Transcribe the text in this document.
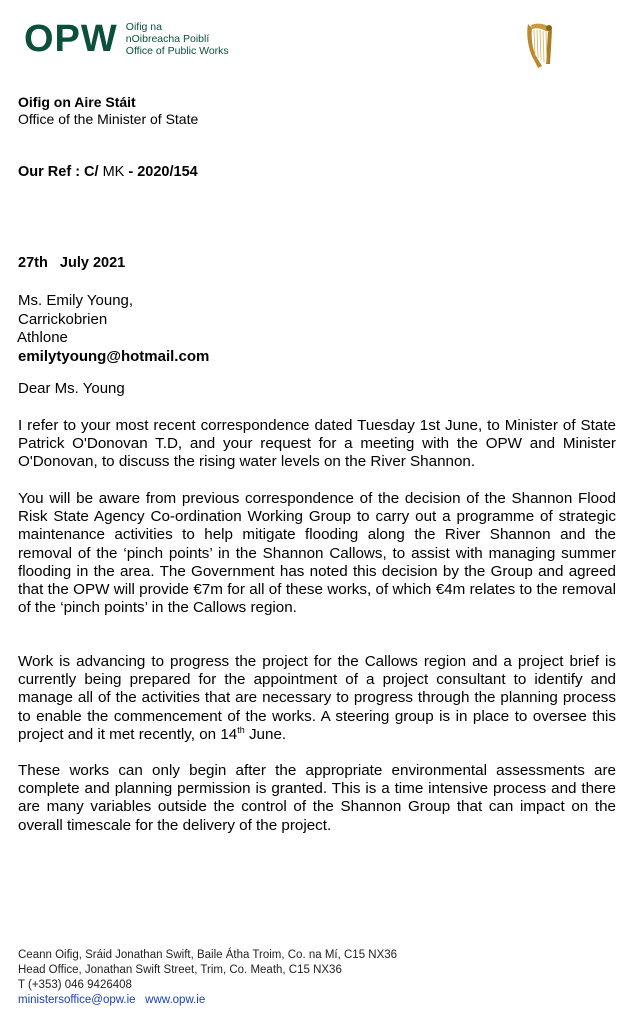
OPW Oifig na
nOibreacha Poiblí
Office of Public Works
Oifig on Aire Stáit
Office of the Minister of State
Our Ref : C/ MK - 2020/154
27th   July 2021
Ms. Emily Young,
Carrickobrien
Athlone
emilytyoung@hotmail.com
Dear Ms. Young
I refer to your most recent correspondence dated Tuesday 1st June, to Minister of State Patrick O'Donovan T.D, and your request for a meeting with the OPW and Minister O'Donovan, to discuss the rising water levels on the River Shannon.
You will be aware from previous correspondence of the decision of the Shannon Flood Risk State Agency Co-ordination Working Group to carry out a programme of strategic maintenance activities to help mitigate flooding along the River Shannon and the removal of the ‘pinch points’ in the Shannon Callows, to assist with managing summer flooding in the area. The Government has noted this decision by the Group and agreed that the OPW will provide €7m for all of these works, of which €4m relates to the removal of the ‘pinch points’ in the Callows region.
Work is advancing to progress the project for the Callows region and a project brief is currently being prepared for the appointment of a project consultant to identify and manage all of the activities that are necessary to progress through the planning process to enable the commencement of the works. A steering group is in place to oversee this project and it met recently, on 14th June.
These works can only begin after the appropriate environmental assessments are complete and planning permission is granted. This is a time intensive process and there are many variables outside the control of the Shannon Group that can impact on the overall timescale for the delivery of the project.
Ceann Oifig, Sráid Jonathan Swift, Baile Átha Troim, Co. na Mí, C15 NX36
Head Office, Jonathan Swift Street, Trim, Co. Meath, C15 NX36
T (+353) 046 9426408
ministersoffice@opw.ie www.opw.ie
